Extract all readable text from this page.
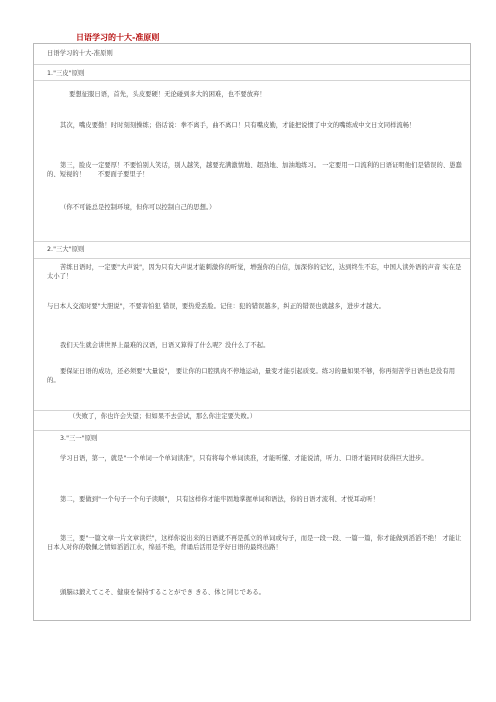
日语学习的十大-准原则
日语学习的十大-准原则
1."三皮"原则
要想征服日语，首先，头皮要硬！无论碰到多大的困难，也不要放弃！
其次，嘴皮要勤！时时刻刻操练；俗话说：拳不离手，曲不离口！只有嘴皮勤，才能把说惯了中文的嘴练成中文日文同样流畅！
第三，脸皮一定要厚！不要怕别人笑话，别人越笑，越要充满激情地、超劲地、加油地练习。 一定要用一口流利的日语证明他们是错误的、愚蠢的、短视的！　　不要面子要里子！
（你不可能总是控制环境，但你可以控制自己的思想。）
2."三大"原则
苦练日语时，一定要"大声说"，因为只有大声说才能刺激你的听觉，增强你的自信，加深你的记忆，达到终生不忘，中国人读外语的声音 实在是太小了！
与日本人交流时要"大胆说"，不要害怕犯 错误，要热爱丢脸。记住：犯的错误越多，纠正的错误也就越多，进步才越大。
我们天生就会讲世界上最难的汉语，日语又算得了什么呢？没什么了不起。
要保证日语的成功，还必须要"大量说"， 要让你的口腔肌肉不停地运动，量变才能引起质变。练习的量如果不够，你再刻苦学日语也是没有用的。
（失败了，你也许会失望；但如果不去尝试，那么你注定要失败。）
3."三一"原则
学习日语，第一，就是"一个单词一个单词读准"，只有将每个单词读准，才能听懂、才能说清，听力、口语才能同时获得巨大进步。
第二，要做到"一个句子一个句子读顺"， 只有这样你才能牢固地掌握单词和语法，你的日语才流利、才悦耳动听！
第三，要"一篇文章一片文章读烂"，这样你说出来的日语就不再是孤立的单词或句子，而是一段一段、一篇一篇，你才能做到滔滔不绝！ 才能让日本人对你的敬佩之情如滔滔江水，绵延不绝，背诵后活用是学好日语的最终出路！
頭脳は鍛えてこそ、健康を保持することができ きる、体と同じである。
